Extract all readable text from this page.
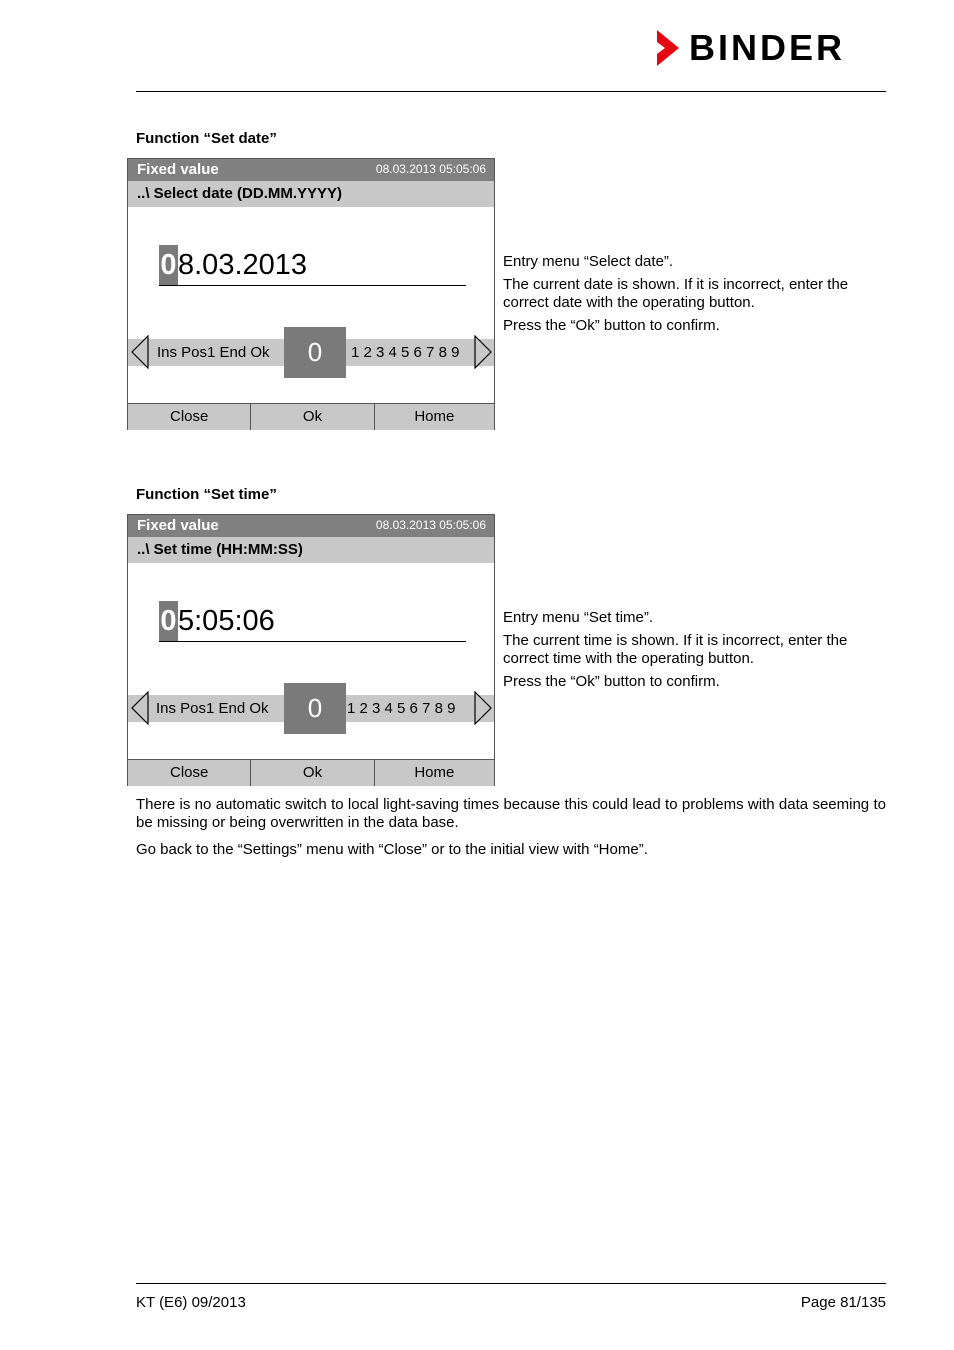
BINDER
Function “Set date”
Fixed value	08.03.2013 05:05:06
..\ Select date (DD.MM.YYYY)
0 8.03.2013
Ins Pos1 End Ok	0	1 2 3 4 5 6 7 8 9
Close	Ok	Home

Entry menu “Select date”.

The current date is shown. If it is incorrect, enter the correct date with the operating button.

Press the “Ok” button to confirm.

Function “Set time”
Fixed value	08.03.2013 05:05:06
..\ Set time (HH:MM:SS)
0 5:05:06
Ins Pos1 End Ok	0	1 2 3 4 5 6 7 8 9
Close	Ok	Home

Entry menu “Set time”.

The current time is shown. If it is incorrect, enter the correct time with the operating button.

Press the “Ok” button to confirm.

There is no automatic switch to local light-saving times because this could lead to problems with data seeming to be missing or being overwritten in the data base.

Go back to the “Settings” menu with “Close” or to the initial view with “Home”.

KT (E6) 09/2013	Page 81/135
